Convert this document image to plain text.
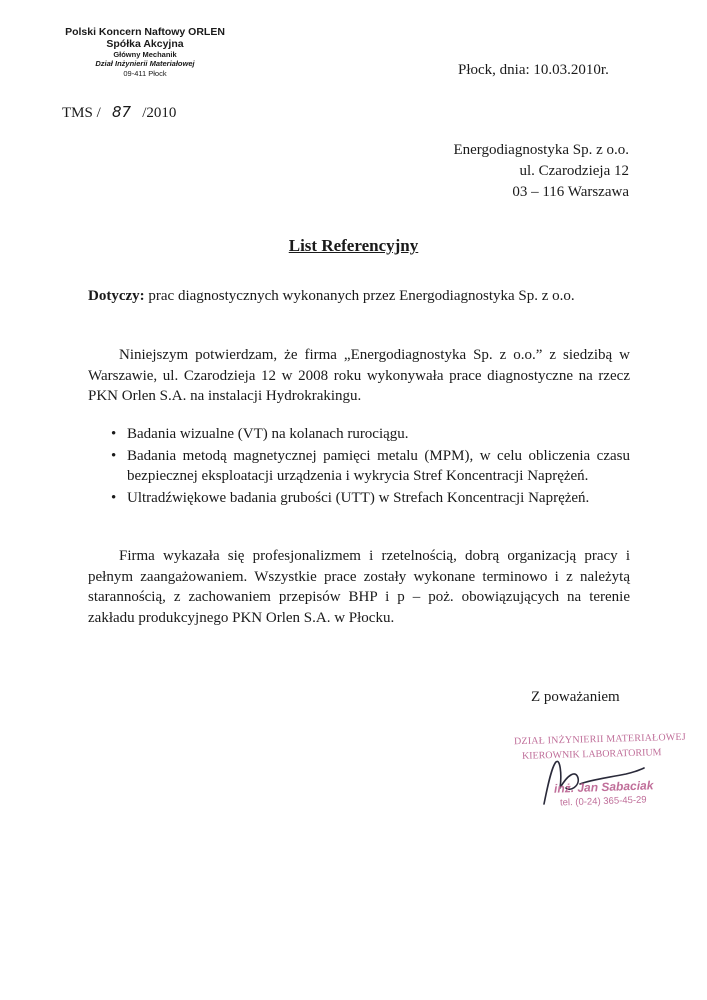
Polski Koncern Naftowy ORLEN
Spółka Akcyjna
Główny Mechanik
Dział Inżynierii Materiałowej
09-411 Płock	Płock, dnia: 10.03.2010r.
TMS / 87 /2010
Energodiagnostyka Sp. z o.o.
ul. Czarodzieja 12
03 – 116 Warszawa
List Referencyjny
Dotyczy: prac diagnostycznych wykonanych przez Energodiagnostyka Sp. z o.o.
Niniejszym potwierdzam, że firma „Energodiagnostyka Sp. z o.o.” z siedzibą w Warszawie, ul. Czarodzieja 12 w 2008 roku wykonywała prace diagnostyczne na rzecz PKN Orlen S.A. na instalacji Hydrokrakingu.
• Badania wizualne (VT) na kolanach rurociągu.
• Badania metodą magnetycznej pamięci metalu (MPM), w celu obliczenia czasu bezpiecznej eksploatacji urządzenia i wykrycia Stref Koncentracji Naprężeń.
• Ultradźwiękowe badania grubości (UTT) w Strefach Koncentracji Naprężeń.
Firma wykazała się profesjonalizmem i rzetelnością, dobrą organizacją pracy i pełnym zaangażowaniem. Wszystkie prace zostały wykonane terminowo i z należytą starannością, z zachowaniem przepisów BHP i p – poż. obowiązujących na terenie zakładu produkcyjnego PKN Orlen S.A. w Płocku.
Z poważaniem
DZIAŁ INŻYNIERII MATERIAŁOWEJ
KIEROWNIK LABORATORIUM
inż. Jan Sabaciak
tel. (0-24) 365-45-29
